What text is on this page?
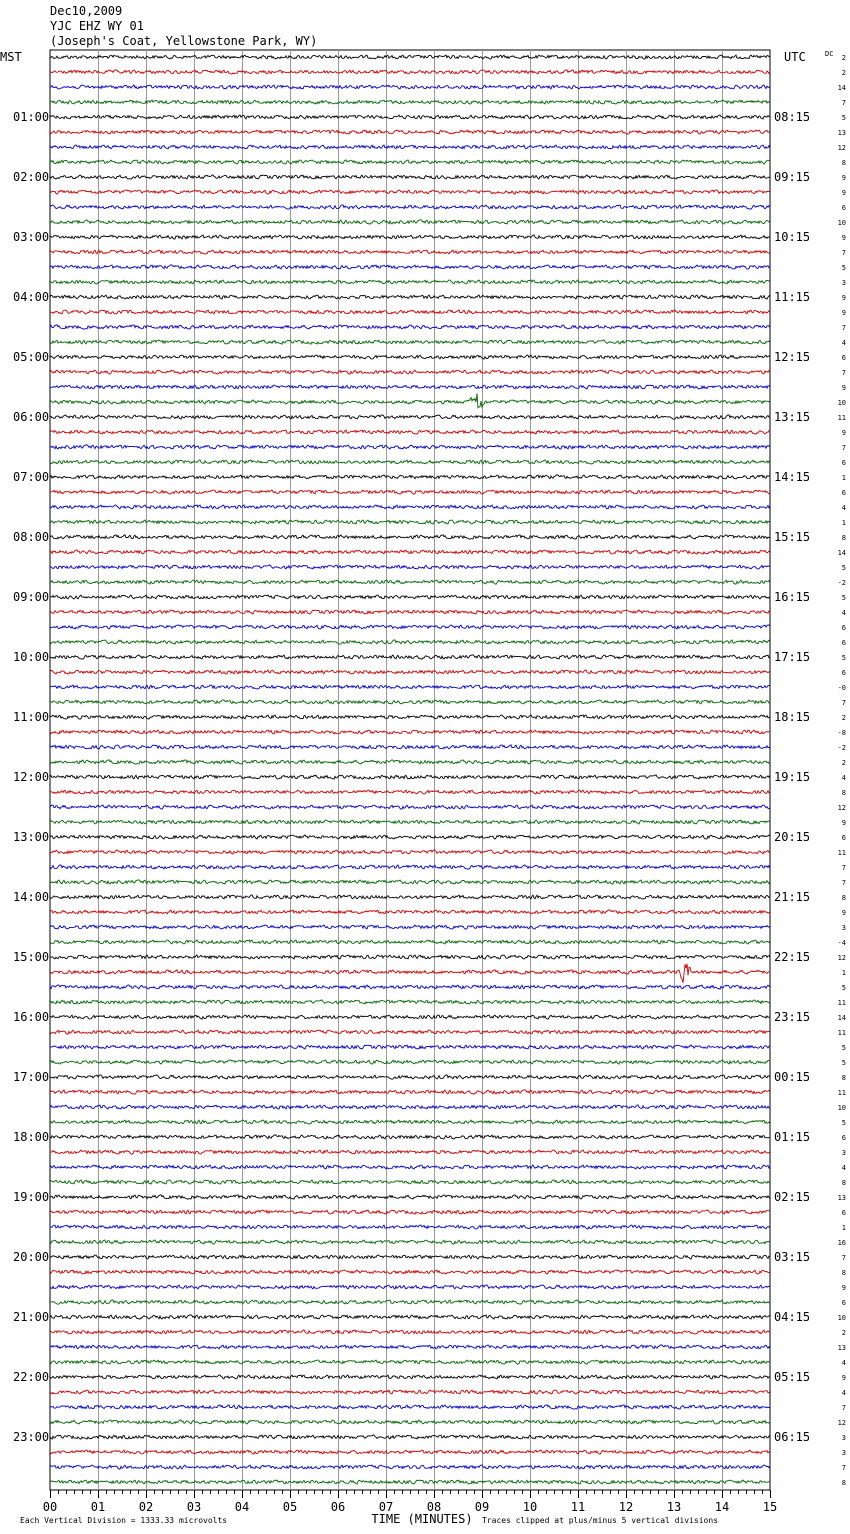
MST	UTC	DC
01:00
02:00
03:00
04:00
05:00
06:00
07:00
08:00
09:00
10:00
11:00
12:00
13:00
14:00
15:00
16:00
17:00
18:00
19:00
20:00
21:00
22:00
23:00
08:15
09:15
10:15
11:15
12:15
13:15
14:15
15:15
16:15
17:15
18:15
19:15
20:15
21:15
22:15
23:15
00:15
01:15
02:15
03:15
04:15
05:15
06:15
2
2
14
7
5
13
12
8
9
9
6
10
9
7
5
3
9
9
7
4
6
7
9
10
11
9
7
6
1
6
4
1
8
14
5
-2
5
4
6
6
5
6
-0
7
2
-8
-2
2
4
8
12
9
6
11
7
7
8
9
3
-4
12
1
5
11
14
11
5
5
8
11
10
5
6
3
4
8
13
6
1
16
7
8
9
6
10
2
13
4
9
4
7
12
3
3
7
8
00	01	02	03	04	05	06	07	08	09	10	11	12	13	14	15
TIME (MINUTES)
Each Vertical Division = 1333.33 microvolts	Traces clipped at plus/minus 5 vertical divisions
Dec10,2009
YJC EHZ WY 01
(Joseph's Coat, Yellowstone Park, WY)
